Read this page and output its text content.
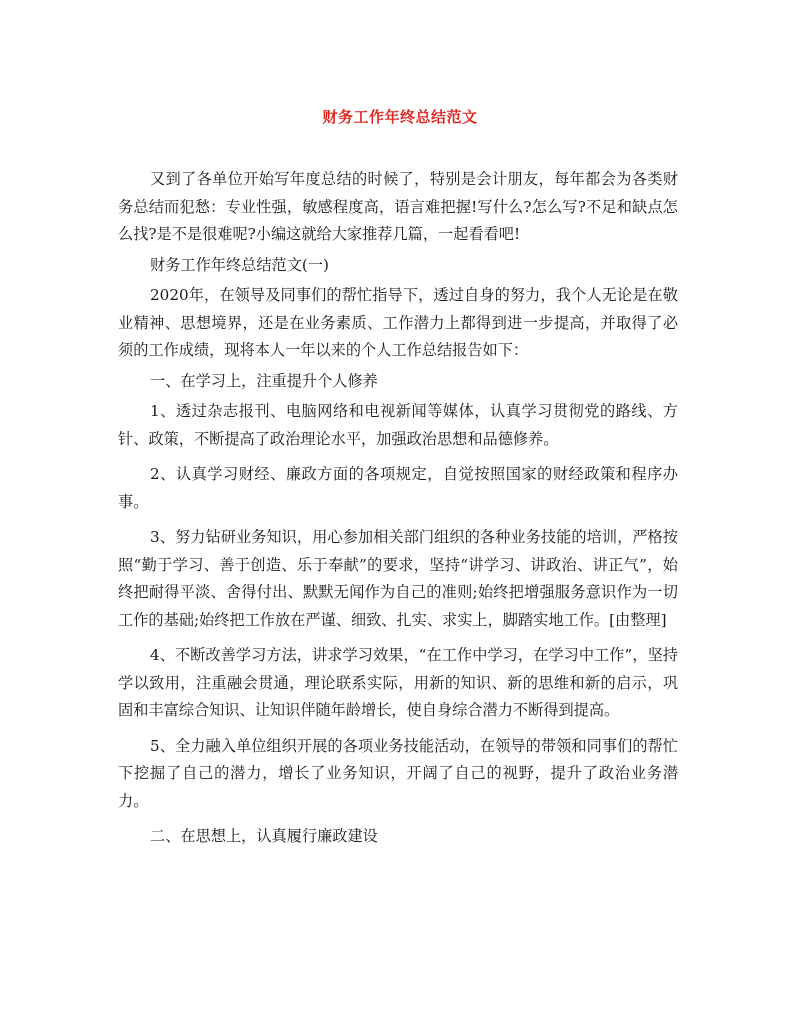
财务工作年终总结范文

又到了各单位开始写年度总结的时候了，特别是会计朋友，每年都会为各类财务总结而犯愁：专业性强，敏感程度高，语言难把握!写什么?怎么写?不足和缺点怎么找?是不是很难呢?小编这就给大家推荐几篇，一起看看吧!

财务工作年终总结范文(一)

2020年，在领导及同事们的帮忙指导下，透过自身的努力，我个人无论是在敬业精神、思想境界，还是在业务素质、工作潜力上都得到进一步提高，并取得了必须的工作成绩，现将本人一年以来的个人工作总结报告如下：

一、在学习上，注重提升个人修养

1、透过杂志报刊、电脑网络和电视新闻等媒体，认真学习贯彻党的路线、方针、政策，不断提高了政治理论水平，加强政治思想和品德修养。

2、认真学习财经、廉政方面的各项规定，自觉按照国家的财经政策和程序办事。

3、努力钻研业务知识，用心参加相关部门组织的各种业务技能的培训，严格按照“勤于学习、善于创造、乐于奉献”的要求，坚持“讲学习、讲政治、讲正气”，始终把耐得平淡、舍得付出、默默无闻作为自己的准则;始终把增强服务意识作为一切工作的基础;始终把工作放在严谨、细致、扎实、求实上，脚踏实地工作。[由整理]

4、不断改善学习方法，讲求学习效果，“在工作中学习，在学习中工作”，坚持学以致用，注重融会贯通，理论联系实际，用新的知识、新的思维和新的启示，巩固和丰富综合知识、让知识伴随年龄增长，使自身综合潜力不断得到提高。

5、全力融入单位组织开展的各项业务技能活动，在领导的带领和同事们的帮忙下挖掘了自己的潜力，增长了业务知识，开阔了自己的视野，提升了政治业务潜力。

二、在思想上，认真履行廉政建设
